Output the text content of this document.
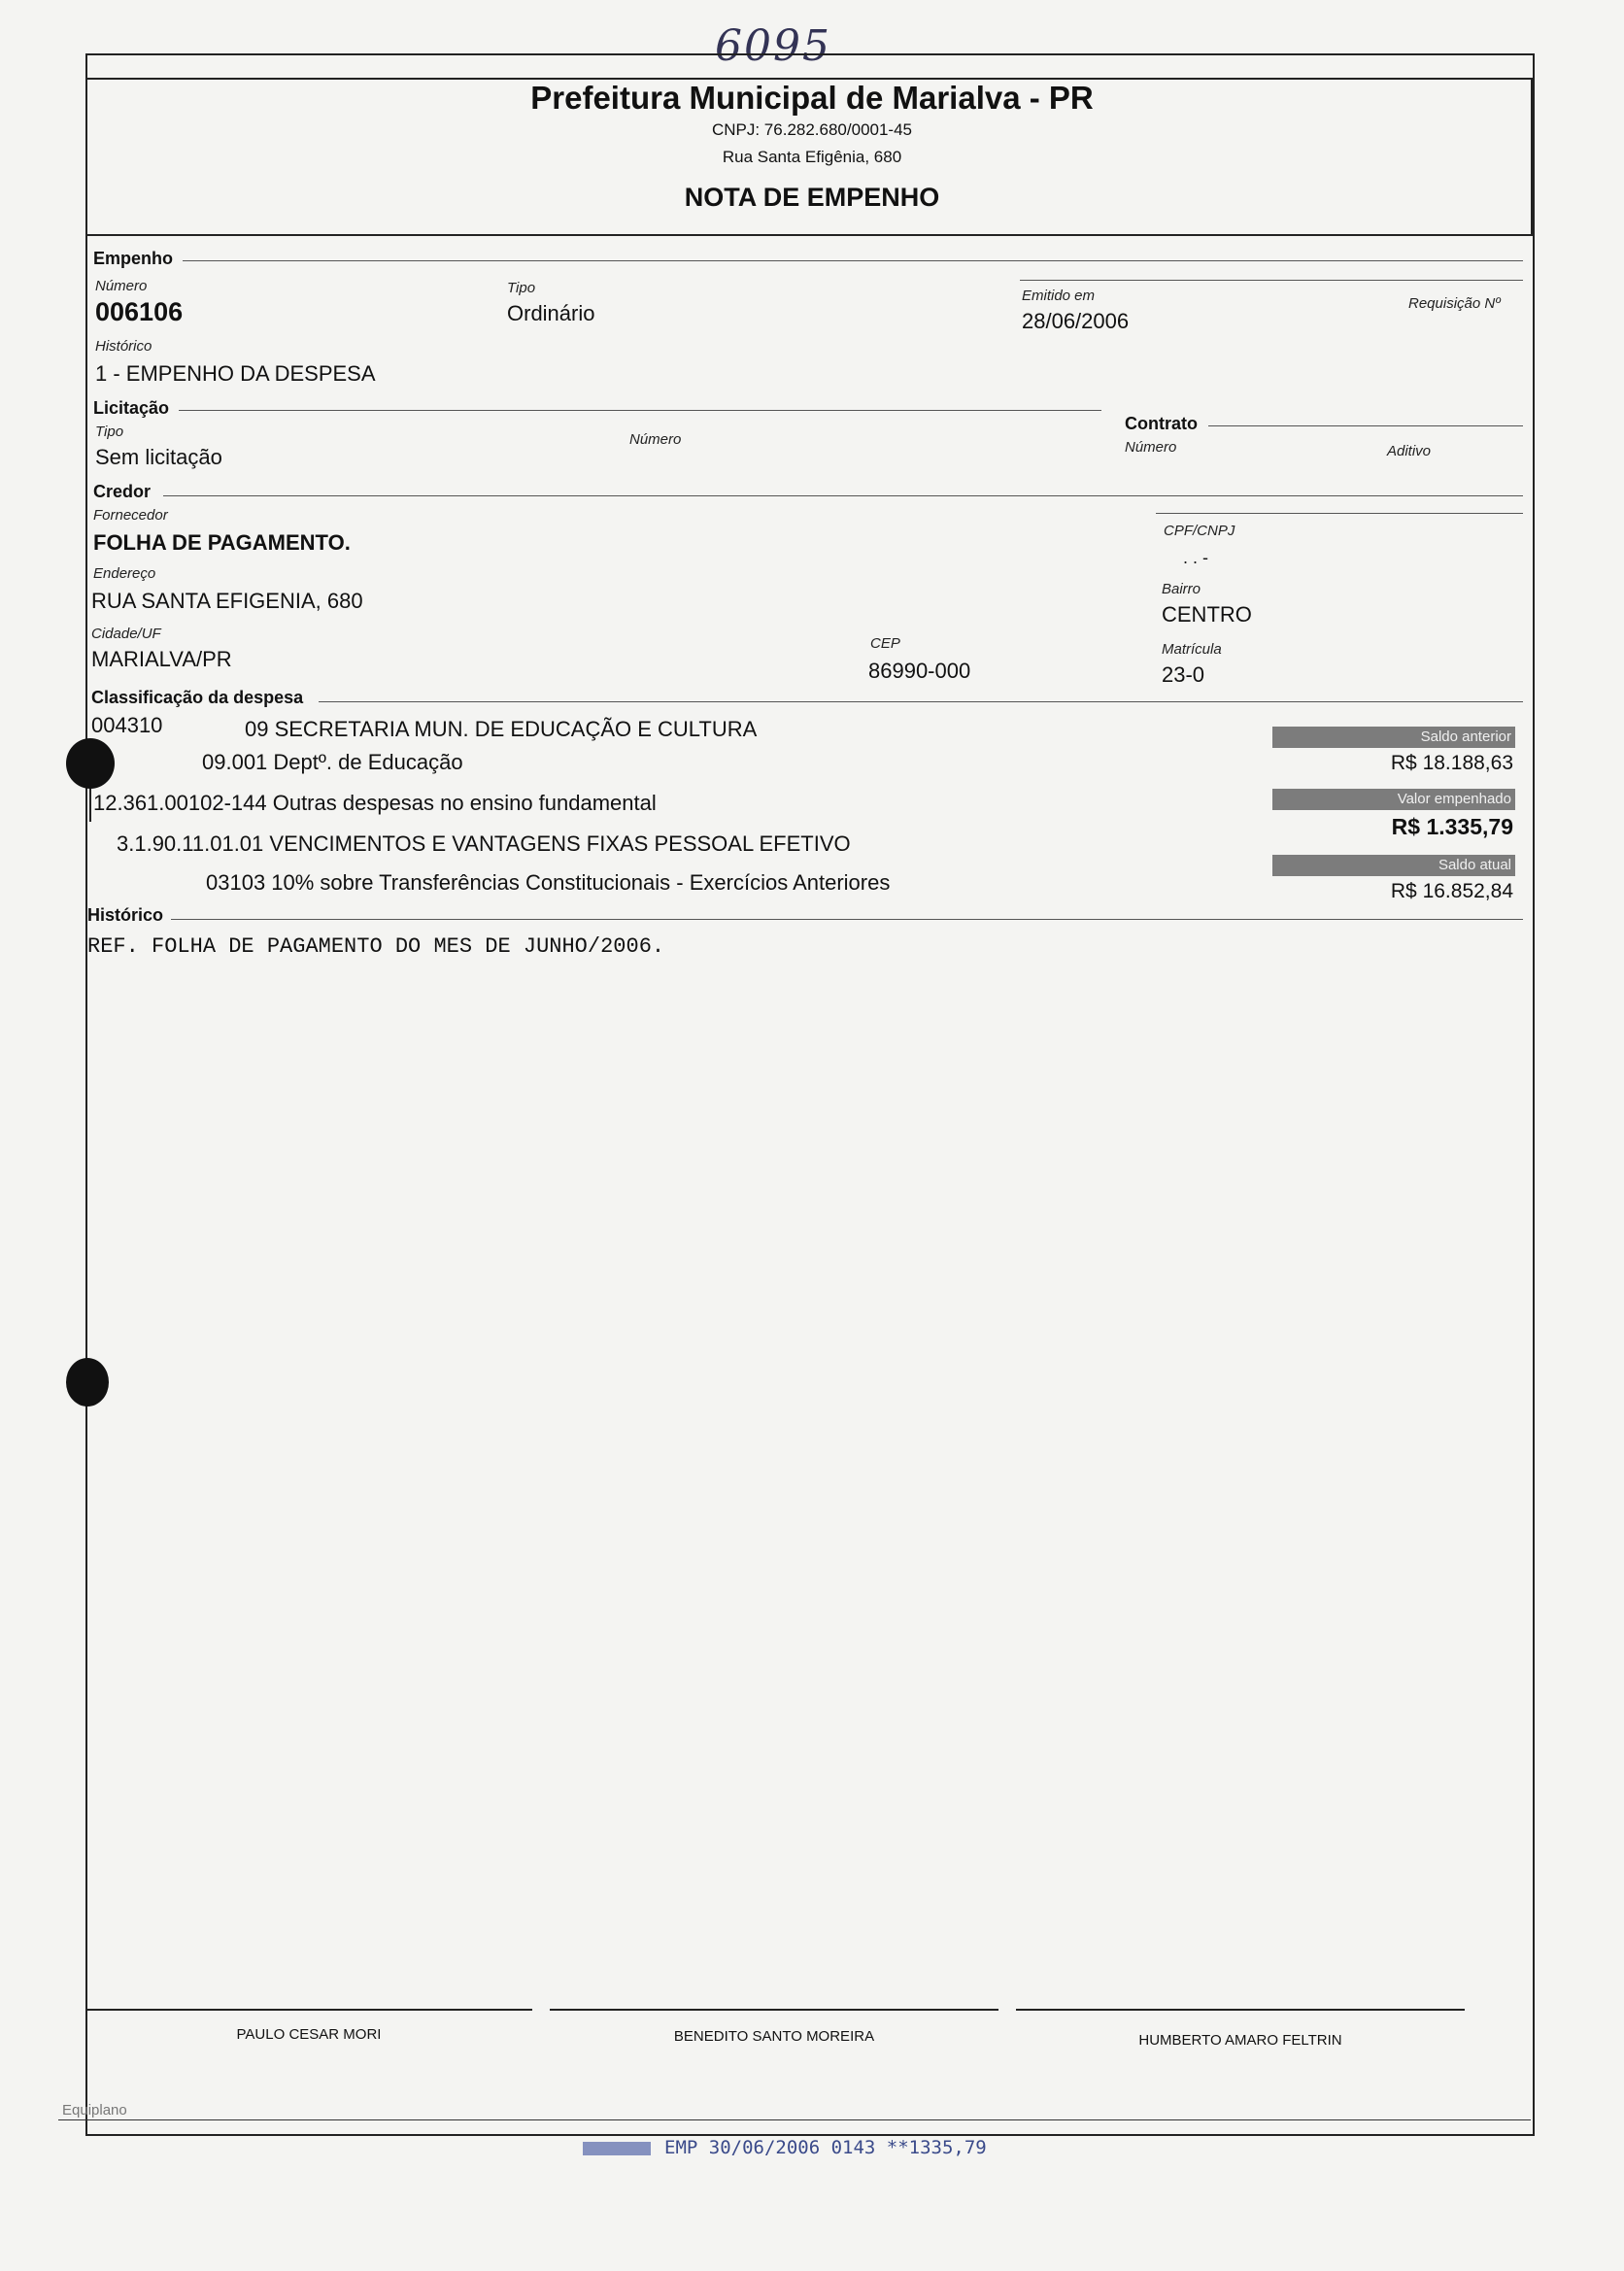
6095
Prefeitura Municipal de Marialva - PR
CNPJ: 76.282.680/0001-45
Rua Santa Efigênia, 680
NOTA DE EMPENHO
Empenho
Número
006106
Tipo
Ordinário
Emitido em
28/06/2006
Requisição Nº
Histórico
1 - EMPENHO DA DESPESA
Licitação
Tipo
Sem licitação
Número
Contrato
Número	Aditivo
Credor
Fornecedor
FOLHA DE PAGAMENTO.	CPF/CNPJ
. . -
Endereço
RUA SANTA EFIGENIA, 680	Bairro
CENTRO
Cidade/UF
MARIALVA/PR
CEP
86990-000
Matrícula
23-0
Classificação da despesa
004310	09 SECRETARIA MUN. DE EDUCAÇÃO E CULTURA
09.001 Deptº. de Educação
12.361.00102-144 Outras despesas no ensino fundamental
3.1.90.11.01.01 VENCIMENTOS E VANTAGENS FIXAS PESSOAL EFETIVO
03103 10% sobre Transferências Constitucionais - Exercícios Anteriores
Saldo anterior
R$ 18.188,63
Valor empenhado
R$ 1.335,79
Saldo atual
R$ 16.852,84
Histórico
REF. FOLHA DE PAGAMENTO DO MES DE JUNHO/2006.
PAULO CESAR MORI	BENEDITO SANTO MOREIRA	HUMBERTO AMARO FELTRIN
Equiplano
EMP 30/06/2006 0143 **1335,79
